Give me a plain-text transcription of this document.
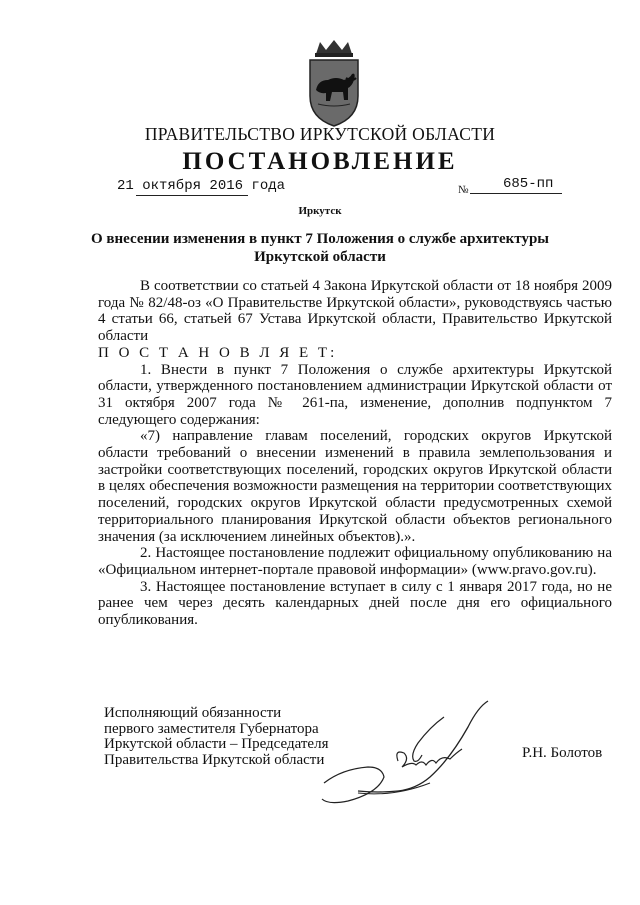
ПРАВИТЕЛЬСТВО ИРКУТСКОЙ ОБЛАСТИ
ПОСТАНОВЛЕНИЕ
21 октября 2016 года	№ 685-пп
Иркутск
О внесении изменения в пункт 7 Положения о службе архитектуры
Иркутской области

В соответствии со статьей 4 Закона Иркутской области от 18 ноября 2009 года № 82/48-оз «О Правительстве Иркутской области», руководствуясь частью 4 статьи 66, статьей 67 Устава Иркутской области, Правительство Иркутской области

П О С Т А Н О В Л Я Е Т:

1. Внести в пункт 7 Положения о службе архитектуры Иркутской области, утвержденного постановлением администрации Иркутской области от 31 октября 2007 года № 261-па, изменение, дополнив подпунктом 7 следующего содержания:

«7) направление главам поселений, городских округов Иркутской области требований о внесении изменений в правила землепользования и застройки соответствующих поселений, городских округов Иркутской области в целях обеспечения возможности размещения на территории соответствующих поселений, городских округов Иркутской области предусмотренных схемой территориального планирования Иркутской области объектов регионального значения (за исключением линейных объектов).».

2. Настоящее постановление подлежит официальному опубликованию на «Официальном интернет-портале правовой информации» (www.pravo.gov.ru).

3. Настоящее постановление вступает в силу с 1 января 2017 года, но не ранее чем через десять календарных дней после дня его официального опубликования.

Исполняющий обязанности
первого заместителя Губернатора
Иркутской области – Председателя
Правительства Иркутской области	Р.Н. Болотов
